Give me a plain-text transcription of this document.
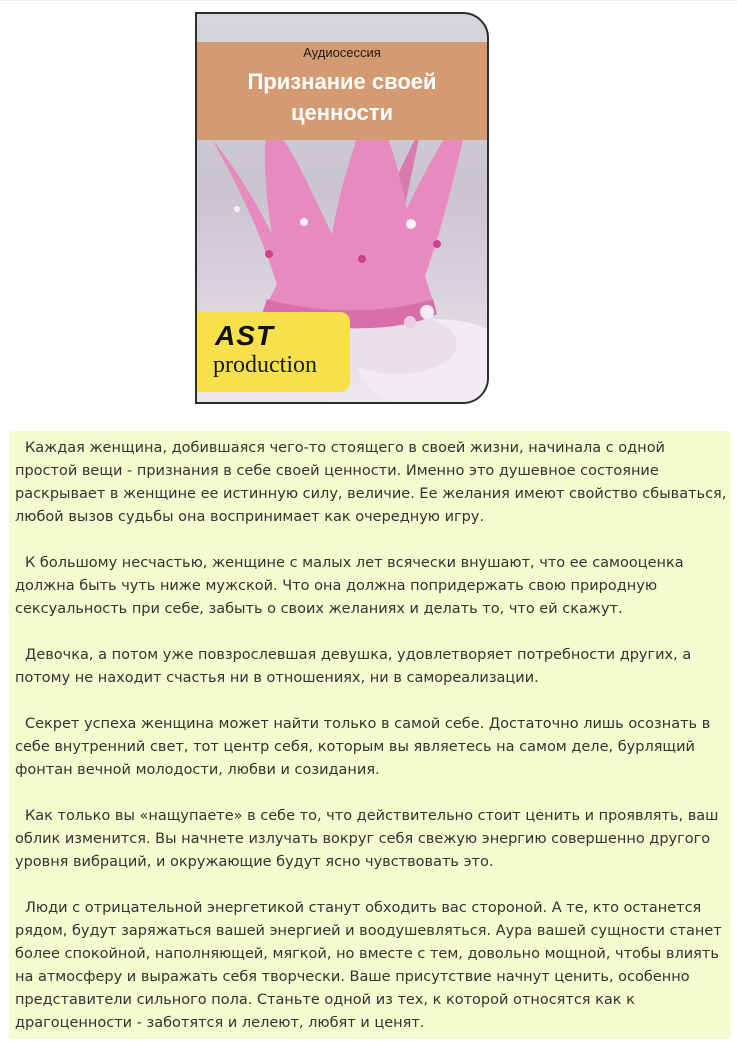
Аудиосессия
Признание своей ценности
AST
production

Каждая женщина, добившаяся чего-то стоящего в своей жизни, начинала с одной простой вещи - признания в себе своей ценности. Именно это душевное состояние раскрывает в женщине ее истинную силу, величие. Ее желания имеют свойство сбываться, любой вызов судьбы она воспринимает как очередную игру.

К большому несчастью, женщине с малых лет всячески внушают, что ее самооценка должна быть чуть ниже мужской. Что она должна попридержать свою природную сексуальность при себе, забыть о своих желаниях и делать то, что ей скажут.

Девочка, а потом уже повзрослевшая девушка, удовлетворяет потребности других, а потому не находит счастья ни в отношениях, ни в самореализации.

Секрет успеха женщина может найти только в самой себе. Достаточно лишь осознать в себе внутренний свет, тот центр себя, которым вы являетесь на самом деле, бурлящий фонтан вечной молодости, любви и созидания.

Как только вы «нащупаете» в себе то, что действительно стоит ценить и проявлять, ваш облик изменится. Вы начнете излучать вокруг себя свежую энергию совершенно другого уровня вибраций, и окружающие будут ясно чувствовать это.

Люди с отрицательной энергетикой станут обходить вас стороной. А те, кто останется рядом, будут заряжаться вашей энергией и воодушевляться. Аура вашей сущности станет более спокойной, наполняющей, мягкой, но вместе с тем, довольно мощной, чтобы влиять на атмосферу и выражать себя творчески. Ваше присутствие начнут ценить, особенно представители сильного пола. Станьте одной из тех, к которой относятся как к драгоценности - заботятся и лелеют, любят и ценят.
